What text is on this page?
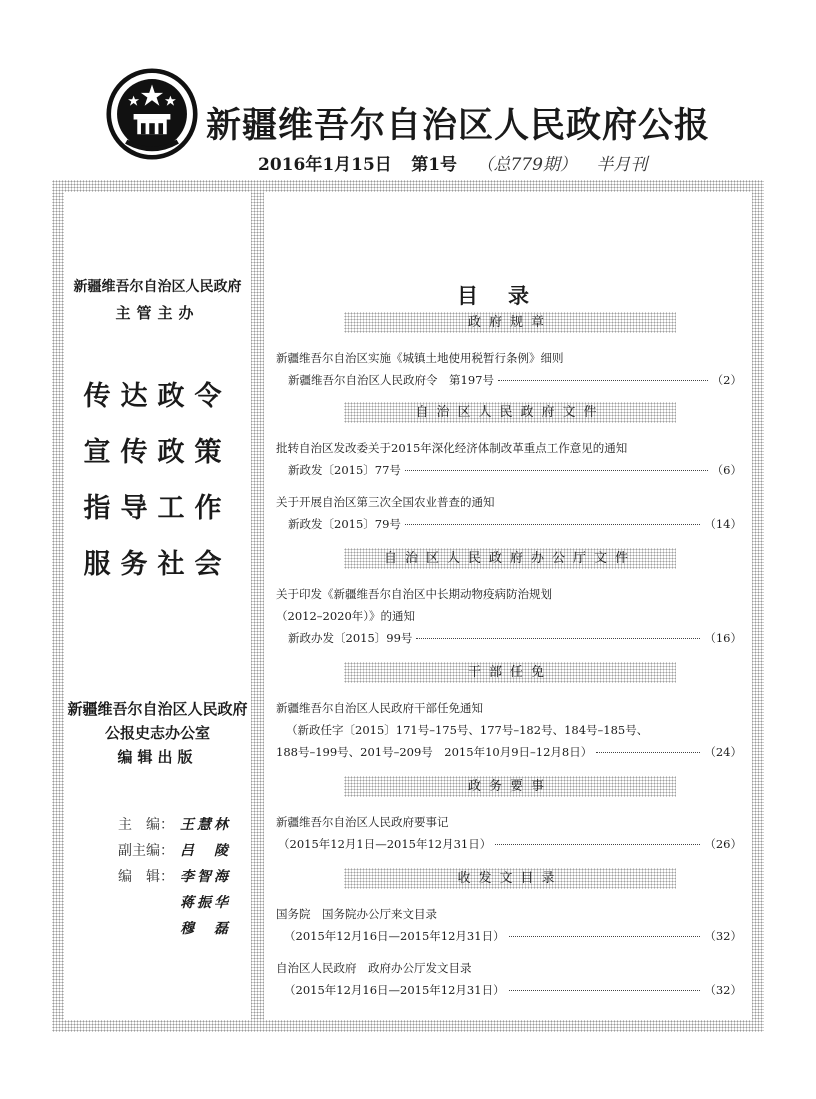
新疆维吾尔自治区人民政府公报
2016年1月15日 第1号 （总779期） 半月刊
新疆维吾尔自治区人民政府
主管主办
传达政令
宣传政策
指导工作
服务社会
新疆维吾尔自治区人民政府
公报史志办公室
编辑出版
主　编： 王慧林
副主编： 吕　陵
编　辑： 李智海
蒋振华
穆　磊
目录
政府规章
新疆维吾尔自治区实施《城镇土地使用税暂行条例》细则
新疆维吾尔自治区人民政府令　第197号	（2）
自治区人民政府文件
批转自治区发改委关于2015年深化经济体制改革重点工作意见的通知
新政发〔2015〕77号	（6）
关于开展自治区第三次全国农业普查的通知
新政发〔2015〕79号	（14）
自治区人民政府办公厅文件
关于印发《新疆维吾尔自治区中长期动物疫病防治规划
（2012–2020年）》的通知
新政办发〔2015〕99号	（16）
干部任免
新疆维吾尔自治区人民政府干部任免通知
（新政任字〔2015〕171号–175号、177号–182号、184号–185号、
188号–199号、201号–209号　2015年10月9日–12月8日）	（24）
政务要事
新疆维吾尔自治区人民政府要事记
（2015年12月1日—2015年12月31日）	（26）
收发文目录
国务院　国务院办公厅来文目录
（2015年12月16日—2015年12月31日）	（32）
自治区人民政府　政府办公厅发文目录
（2015年12月16日—2015年12月31日）	（32）
